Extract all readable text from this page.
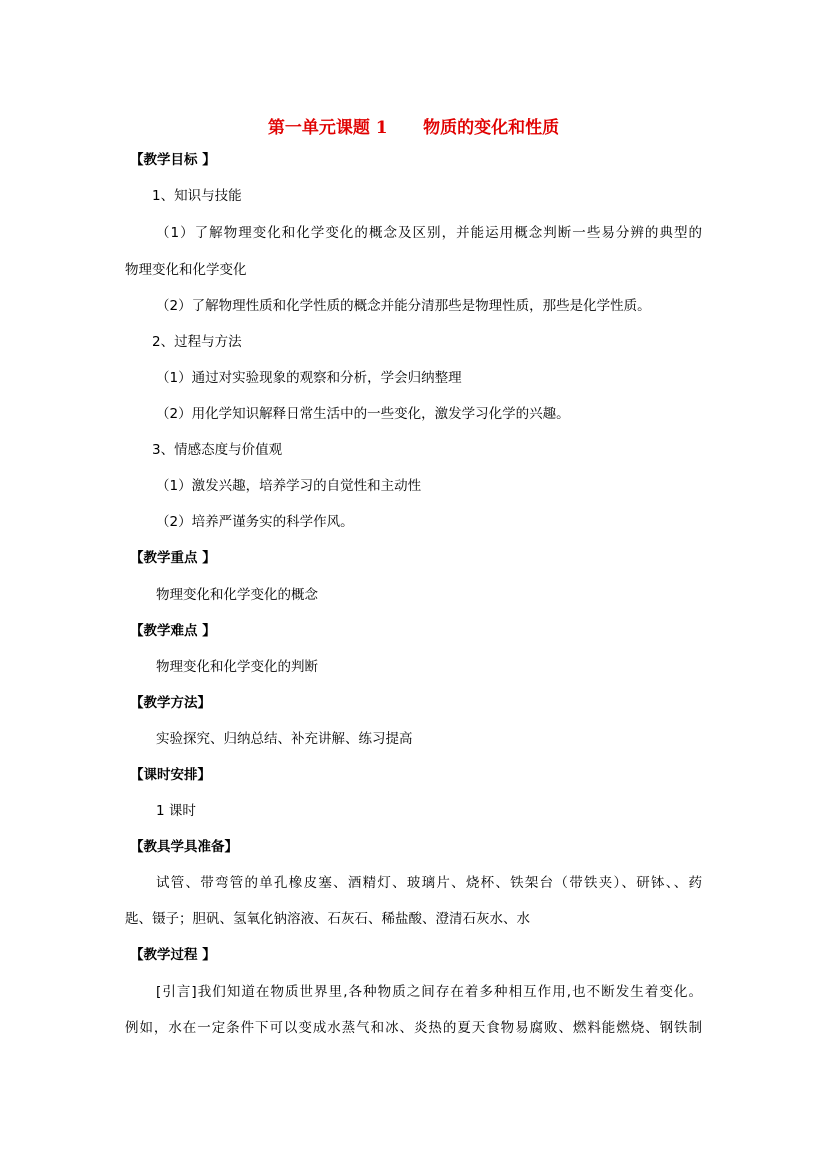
第一单元课题 1      物质的变化和性质
【教学目标 】
1、知识与技能
（1）了解物理变化和化学变化的概念及区别，并能运用概念判断一些易分辨的典型的
物理变化和化学变化
（2）了解物理性质和化学性质的概念并能分清那些是物理性质，那些是化学性质。
2、过程与方法
（1）通过对实验现象的观察和分析，学会归纳整理
（2）用化学知识解释日常生活中的一些变化，激发学习化学的兴趣。
3、情感态度与价值观
（1）激发兴趣，培养学习的自觉性和主动性
（2）培养严谨务实的科学作风。
【教学重点 】
物理变化和化学变化的概念
【教学难点 】
物理变化和化学变化的判断
【教学方法】
实验探究、归纳总结、补充讲解、练习提高
【课时安排】
1 课时
【教具学具准备】
试管、带弯管的单孔橡皮塞、酒精灯、玻璃片、烧杯、铁架台（带铁夹）、研钵、、药
匙、镊子；胆矾、氢氧化钠溶液、石灰石、稀盐酸、澄清石灰水、水
【教学过程 】
[引言]我们知道在物质世界里,各种物质之间存在着多种相互作用,也不断发生着变化。
例如，水在一定条件下可以变成水蒸气和冰、炎热的夏天食物易腐败、燃料能燃烧、钢铁制
